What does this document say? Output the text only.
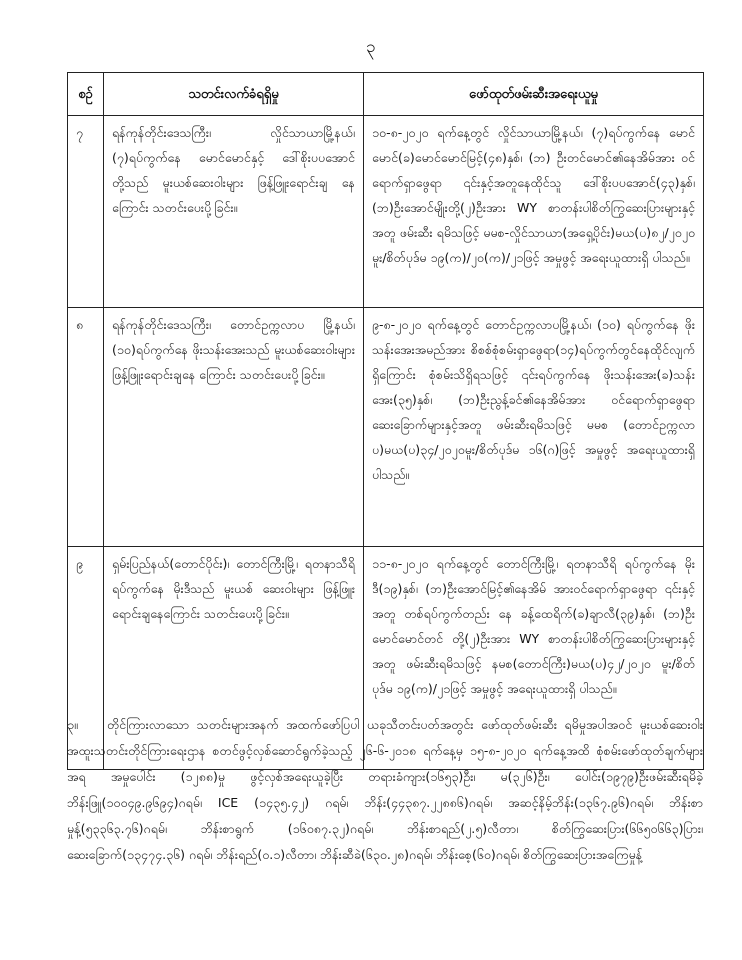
၃
စဉ်	သတင်းလက်ခံရရှိမှု	ဖော်ထုတ်ဖမ်းဆီးအရေးယူမှု
၇	ရန်ကုန်တိုင်းဒေသကြီး၊ လှိုင်သာယာမြို့နယ်၊ (၇)ရပ်ကွက်နေ မောင်မောင်နှင့် ဒေါ်စိုးပပအောင် တို့သည် မူးယစ်ဆေးဝါးများ ဖြန့်ဖြူးရောင်းချ နေကြောင်း သတင်းပေးပို့ခြင်း။	၁၀-၈-၂၀၂၀ ရက်နေ့တွင် လှိုင်သာယာမြို့နယ်၊ (၇)ရပ်ကွက်နေ မောင်မောင်(ခ)မောင်မောင်မြင့်(၄၈)နှစ်၊ (ဘ) ဦးတင်မောင်၏နေအိမ်အား ဝင်ရောက်ရှာဖွေရာ ၎င်းနှင့်အတူနေထိုင်သူ ဒေါ်စိုးပပအောင်(၄၃)နှစ်၊ (ဘ)ဦးအောင်မျိုးတို့(၂)ဦးအား WY စာတန်းပါစိတ်ကြွဆေးပြားများနှင့်အတူ ဖမ်းဆီး ရမိသဖြင့် မမစ-လှိုင်သာယာ(အရှေ့ပိုင်း)မယ(ပ)၈၂/၂၀၂၀ မူး/စိတ်ပုဒ်မ ၁၉(က)/၂၀(က)/၂၁ဖြင့် အမှုဖွင့် အရေးယူထားရှိ ပါသည်။
၈	ရန်ကုန်တိုင်းဒေသကြီး၊ တောင်ဥက္ကလာပ မြို့နယ်၊ (၁၀)ရပ်ကွက်နေ ဖိုးသန်းအေးသည် မူးယစ်ဆေးဝါးများ ဖြန့်ဖြူးရောင်းချနေ ကြောင်း သတင်းပေးပို့ခြင်း။	၉-၈-၂၀၂၀ ရက်နေ့တွင် တောင်ဥက္ကလာပမြို့နယ်၊ (၁၀) ရပ်ကွက်နေ ဖိုးသန်းအေးအမည်အား စိစစ်စုံစမ်းရှာဖွေရာ(၁၄)ရပ်ကွက်တွင်နေထိုင်လျက်ရှိကြောင်း စုံစမ်းသိရှိရသဖြင့် ၎င်းရပ်ကွက်နေ ဖိုးသန်းအေး(ခ)သန်းအေး(၃၅)နှစ်၊ (ဘ)ဦးညွန့်ခင်၏နေအိမ်အား ဝင်ရောက်ရှာဖွေရာ ဆေးခြောက်များနှင့်အတူ ဖမ်းဆီးရမိသဖြင့် မမစ (တောင်ဥက္ကလာပ)မယ(ပ)၃၄/၂၀၂၀မူး/စိတ်ပုဒ်မ ၁၆(ဂ)ဖြင့် အမှုဖွင့် အရေးယူထားရှိပါသည်။
၉	ရှမ်းပြည်နယ်(တောင်ပိုင်း)၊ တောင်ကြီးမြို့၊ ရတနာသီရိရပ်ကွက်နေ မိုးဒီသည် မူးယစ် ဆေးဝါးများ ဖြန့်ဖြူးရောင်းချနေကြောင်း သတင်းပေးပို့ခြင်း။	၁၁-၈-၂၀၂၀ ရက်နေ့တွင် တောင်ကြီးမြို့၊ ရတနာသီရိ ရပ်ကွက်နေ မိုးဒီ(၁၉)နှစ်၊ (ဘ)ဦးအောင်မြင့်၏နေအိမ် အားဝင်ရောက်ရှာဖွေရာ ၎င်းနှင့်အတူ တစ်ရပ်ကွက်တည်း နေ ခန့်ထေရိက်(ခ)ချာလီ(၃၉)နှစ်၊ (ဘ)ဦးမောင်မောင်တင် တို့(၂)ဦးအား WY စာတန်းပါစိတ်ကြွဆေးပြားများနှင့် အတူ ဖမ်းဆီးရမိသဖြင့် နမစ(တောင်ကြီး)မယ(ပ)၄၂/၂၀၂၀ မူး/စိတ်ပုဒ်မ ၁၉(က)/၂၁ဖြင့် အမှုဖွင့် အရေးယူထားရှိ ပါသည်။
၃။ တိုင်ကြားလာသော သတင်းများအနက် အထက်ဖော်ပြပါ ယခုသီတင်းပတ်အတွင်း ဖော်ထုတ်ဖမ်းဆီး ရမိမှုအပါအဝင် မူးယစ်ဆေးဝါးအထူးသတင်းတိုင်ကြားရေးဌာန စတင်ဖွင့်လှစ်ဆောင်ရွက်ခဲ့သည့် ၂၆-၆-၂၀၁၈ ရက်နေ့မှ ၁၅-၈-၂၀၂၀ ရက်နေ့အထိ စုံစမ်းဖော်ထုတ်ချက်များအရ အမှုပေါင်း (၁၂၈၈)မှု ဖွင့်လှစ်အရေးယူခဲ့ပြီး တရားခံကျား(၁၆၅၃)ဦး၊ မ(၃၂၆)ဦး၊ ပေါင်း(၁၉၇၉)ဦးဖမ်းဆီးရမိခဲ့ ဘိန်းဖြူ(၁၀၀၄၉.၉၆၉၄)ဂရမ်၊ ICE (၁၄၃၅.၄၂) ဂရမ်၊ ဘိန်း(၄၄၃၈၇.၂၂၈၈၆)ဂရမ်၊ အဆင့်နိမ့်ဘိန်း(၁၃၆၇.၉၆)ဂရမ်၊ ဘိန်းစာမှုန့်(၅၃၃၆၃.၇၆)ဂရမ်၊ ဘိန်းစာရွက် (၁၆၀၈၇.၃၂)ဂရမ်၊ ဘိန်းစာရည်(၂.၅)လီတာ၊ စိတ်ကြွဆေးပြား(၆၆၅၀၆၆၃)ပြား၊ ဆေးခြောက်(၁၃၄၇၄.၃၆) ဂရမ်၊ ဘိန်းရည်(၀.၁)လီတာ၊ ဘိန်းဆီခဲ(၆၃၀.၂၈)ဂရမ်၊ ဘိန်းစေ့(၆၀)ဂရမ်၊ စိတ်ကြွဆေးပြားအကြေမှုန့်
